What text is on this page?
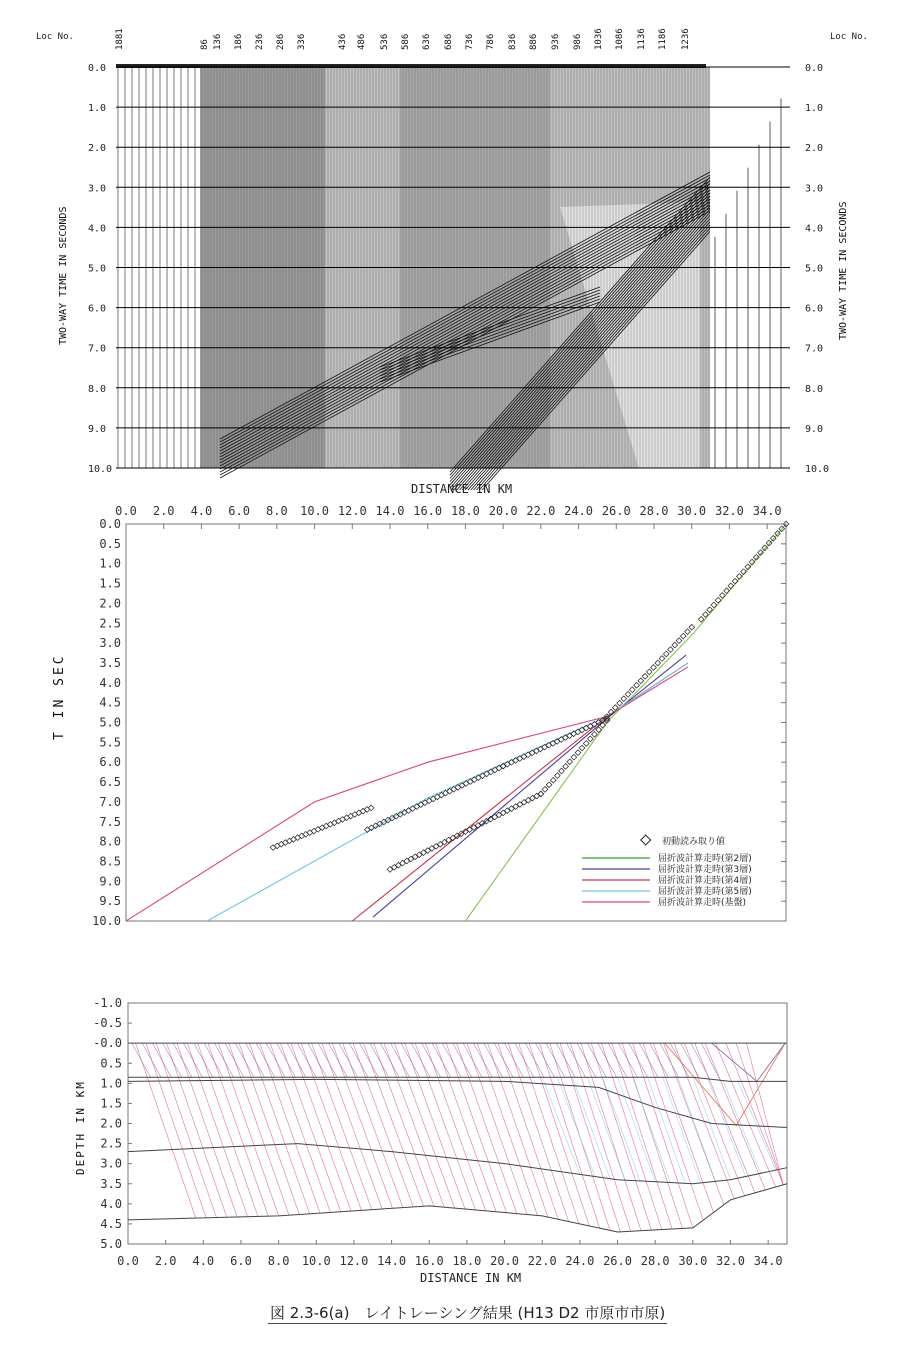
Loc No.	Loc No.
1881	86 136 186 236 286 336	436 486 536 586 636 686 736 786 836 886 936 986 1036 1086 1136 1186 1236
0.0	0.0
1.0	1.0
2.0	2.0
3.0	3.0
4.0	4.0
5.0	5.0
6.0	6.0
7.0	7.0
8.0	8.0
9.0	9.0
10.0	10.0
TWO-WAY TIME IN SECONDS	TWO-WAY TIME IN SECONDS
DISTANCE IN KM
0.0 2.0 4.0 6.0 8.0 10.0 12.0 14.0 16.0 18.0 20.0 22.0 24.0 26.0 28.0 30.0 32.0 34.0
0.0
0.5
1.0
1.5
2.0
2.5
3.0
3.5
4.0
4.5
5.0
5.5
6.0
6.5
7.0
7.5
8.0
8.5
9.0
9.5
10.0
初動読み取り値
屈折波計算走時(第2層)
屈折波計算走時(第3層)
屈折波計算走時(第4層)
屈折波計算走時(第5層)
屈折波計算走時(基盤)
T IN SEC
0.0 2.0 4.0 6.0 8.0 10.0 12.0 14.0 16.0 18.0 20.0 22.0 24.0 26.0 28.0 30.0 32.0 34.0
-1.0
-0.5
-0.0
0.5
1.0
1.5
2.0
2.5
3.0
3.5
4.0
4.5
5.0
DEPTH IN KM
DISTANCE IN KM
図 2.3-6(a)　レイトレーシング結果 (H13 D2 市原市市原)
